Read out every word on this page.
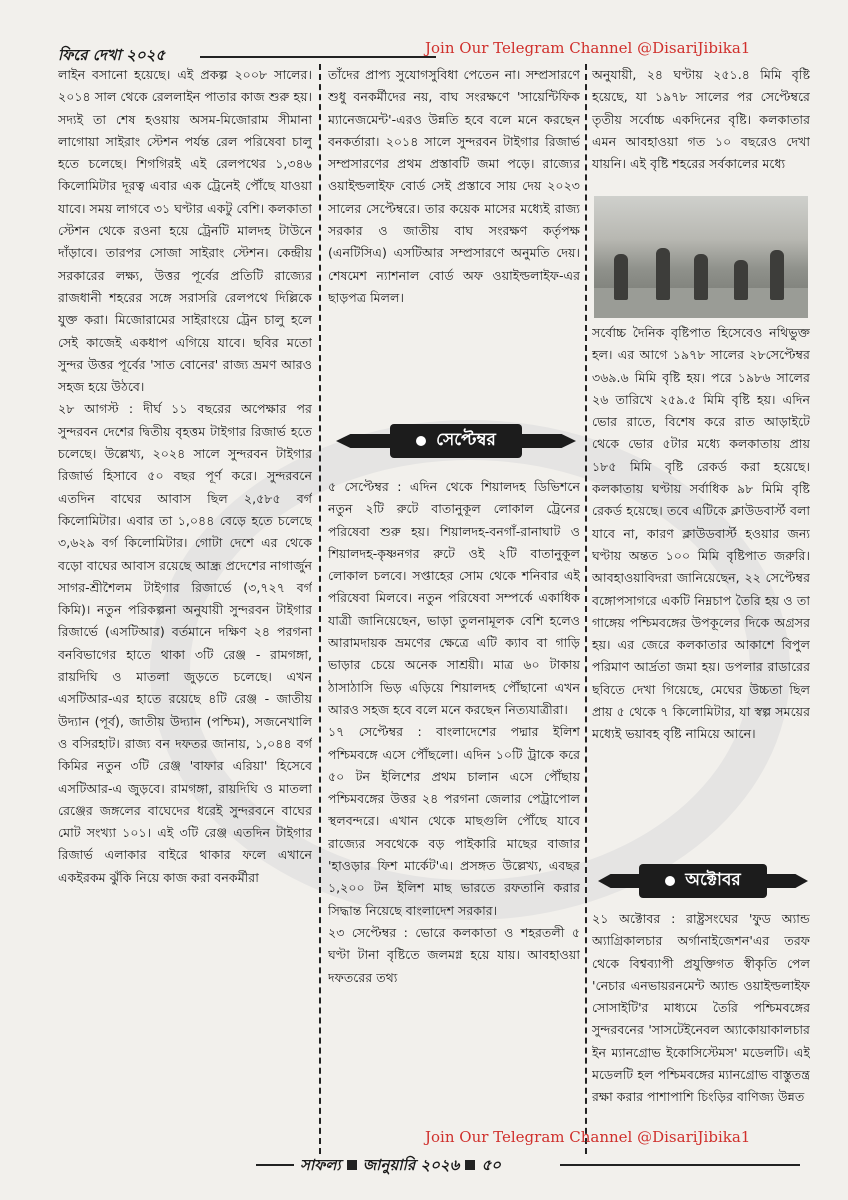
ফিরে দেখা ২০২৫	Join Our Telegram Channel @DisariJibika1

লাইন বসানো হয়েছে। এই প্রকল্প ২০০৮ সালের। ২০১৪ সাল থেকে রেললাইন পাতার কাজ শুরু হয়। সদ্যই তা শেষ হওয়ায় অসম-মিজোরাম সীমানা লাগোয়া সাইরাং স্টেশন পর্যন্ত রেল পরিষেবা চালু হতে চলেছে। শিগগিরই এই রেলপথের ১,৩৪৬ কিলোমিটার দূরত্ব এবার এক ট্রেনেই পৌঁছে যাওয়া যাবে। সময় লাগবে ৩১ ঘণ্টার একটু বেশি। কলকাতা স্টেশন থেকে রওনা হয়ে ট্রেনটি মালদহ টাউনে দাঁড়াবে। তারপর সোজা সাইরাং স্টেশন। কেন্দ্রীয় সরকারের লক্ষ্য, উত্তর পূর্বের প্রতিটি রাজ্যের রাজধানী শহরের সঙ্গে সরাসরি রেলপথে দিল্লিকে যুক্ত করা। মিজোরামের সাইরাংয়ে ট্রেন চালু হলে সেই কাজেই একধাপ এগিয়ে যাবে। ছবির মতো সুন্দর উত্তর পূর্বের 'সাত বোনের' রাজ্য ভ্রমণ আরও সহজ হয়ে উঠবে।

২৮ আগস্ট : দীর্ঘ ১১ বছরের অপেক্ষার পর সুন্দরবন দেশের দ্বিতীয় বৃহত্তম টাইগার রিজার্ভ হতে চলেছে। উল্লেখ্য, ২০২৪ সালে সুন্দরবন টাইগার রিজার্ভ হিসাবে ৫০ বছর পূর্ণ করে। সুন্দরবনে এতদিন বাঘের আবাস ছিল ২,৫৮৫ বর্গ কিলোমিটার। এবার তা ১,০৪৪ বেড়ে হতে চলেছে ৩,৬২৯ বর্গ কিলোমিটার। গোটা দেশে এর থেকে বড়ো বাঘের আবাস রয়েছে আন্ধ্র প্রদেশের নাগার্জুন সাগর-শ্রীশৈলম টাইগার রিজার্ভে (৩,৭২৭ বর্গ কিমি)। নতুন পরিকল্পনা অনুযায়ী সুন্দরবন টাইগার রিজার্ভে (এসটিআর) বর্তমানে দক্ষিণ ২৪ পরগনা বনবিভাগের হাতে থাকা ৩টি রেঞ্জ - রামগঙ্গা, রায়দিঘি ও মাতলা জুড়তে চলেছে। এখন এসটিআর-এর হাতে রয়েছে ৪টি রেঞ্জ - জাতীয় উদ্যান (পূর্ব), জাতীয় উদ্যান (পশ্চিম), সজনেখালি ও বসিরহাট। রাজ্য বন দফতর জানায়, ১,০৪৪ বর্গ কিমির নতুন ৩টি রেঞ্জ 'বাফার এরিয়া' হিসেবে এসটিআর-এ জুড়বে। রামগঙ্গা, রায়দিঘি ও মাতলা রেঞ্জের জঙ্গলের বাঘেদের ধরেই সুন্দরবনে বাঘের মোট সংখ্যা ১০১। এই ৩টি রেঞ্জ এতদিন টাইগার রিজার্ভ এলাকার বাইরে থাকার ফলে এখানে একইরকম ঝুঁকি নিয়ে কাজ করা বনকর্মীরা

তাঁদের প্রাপ্য সুযোগসুবিধা পেতেন না। সম্প্রসারণে শুধু বনকর্মীদের নয়, বাঘ সংরক্ষণে 'সায়েন্টিফিক ম্যানেজমেন্ট'-এরও উন্নতি হবে বলে মনে করছেন বনকর্তারা। ২০১৪ সালে সুন্দরবন টাইগার রিজার্ভ সম্প্রসারণের প্রথম প্রস্তাবটি জমা পড়ে। রাজ্যের ওয়াইল্ডলাইফ বোর্ড সেই প্রস্তাবে সায় দেয় ২০২৩ সালের সেপ্টেম্বরে। তার কয়েক মাসের মধ্যেই রাজ্য সরকার ও জাতীয় বাঘ সংরক্ষণ কর্তৃপক্ষ (এনটিসিএ) এসটিআর সম্প্রসারণে অনুমতি দেয়। শেষমেশ ন্যাশনাল বোর্ড অফ ওয়াইল্ডলাইফ-এর ছাড়পত্র মিলল।

সেপ্টেম্বর

৫ সেপ্টেম্বর : এদিন থেকে শিয়ালদহ ডিভিশনে নতুন ২টি রুটে বাতানুকূল লোকাল ট্রেনের পরিষেবা শুরু হয়। শিয়ালদহ-বনগাঁ-রানাঘাট ও শিয়ালদহ-কৃষ্ণনগর রুটে ওই ২টি বাতানুকূল লোকাল চলবে। সপ্তাহের সোম থেকে শনিবার এই পরিষেবা মিলবে। নতুন পরিষেবা সম্পর্কে একাধিক যাত্রী জানিয়েছেন, ভাড়া তুলনামূলক বেশি হলেও আরামদায়ক ভ্রমণের ক্ষেত্রে এটি ক্যাব বা গাড়ি ভাড়ার চেয়ে অনেক সাশ্রয়ী। মাত্র ৬০ টাকায় ঠাসাঠাসি ভিড় এড়িয়ে শিয়ালদহ পৌঁছানো এখন আরও সহজ হবে বলে মনে করছেন নিত্যযাত্রীরা।

১৭ সেপ্টেম্বর : বাংলাদেশের পদ্মার ইলিশ পশ্চিমবঙ্গে এসে পৌঁছলো। এদিন ১০টি ট্রাকে করে ৫০ টন ইলিশের প্রথম চালান এসে পৌঁছায় পশ্চিমবঙ্গের উত্তর ২৪ পরগনা জেলার পেট্রাপোল স্থলবন্দরে। এখান থেকে মাছগুলি পৌঁছে যাবে রাজ্যের সবথেকে বড় পাইকারি মাছের বাজার 'হাওড়ার ফিশ মার্কেট'এ। প্রসঙ্গত উল্লেখ্য, এবছর ১,২০০ টন ইলিশ মাছ ভারতে রফতানি করার সিদ্ধান্ত নিয়েছে বাংলাদেশ সরকার।

২৩ সেপ্টেম্বর : ভোরে কলকাতা ও শহরতলী ৫ ঘণ্টা টানা বৃষ্টিতে জলমগ্ন হয়ে যায়। আবহাওয়া দফতরের তথ্য

অনুযায়ী, ২৪ ঘণ্টায় ২৫১.৪ মিমি বৃষ্টি হয়েছে, যা ১৯৭৮ সালের পর সেপ্টেম্বরে তৃতীয় সর্বোচ্চ একদিনের বৃষ্টি। কলকাতার এমন আবহাওয়া গত ১০ বছরেও দেখা যায়নি। এই বৃষ্টি শহরের সর্বকালের মধ্যে

সর্বোচ্চ দৈনিক বৃষ্টিপাত হিসেবেও নথিভুক্ত হল। এর আগে ১৯৭৮ সালের ২৮সেপ্টেম্বর ৩৬৯.৬ মিমি বৃষ্টি হয়। পরে ১৯৮৬ সালের ২৬ তারিখে ২৫৯.৫ মিমি বৃষ্টি হয়। এদিন ভোর রাতে, বিশেষ করে রাত আড়াইটে থেকে ভোর ৫টার মধ্যে কলকাতায় প্রায় ১৮৫ মিমি বৃষ্টি রেকর্ড করা হয়েছে। কলকাতায় ঘণ্টায় সর্বাধিক ৯৮ মিমি বৃষ্টি রেকর্ড হয়েছে। তবে এটিকে ক্লাউডবার্স্ট বলা যাবে না, কারণ ক্লাউডবার্স্ট হওয়ার জন্য ঘণ্টায় অন্তত ১০০ মিমি বৃষ্টিপাত জরুরি। আবহাওয়াবিদরা জানিয়েছেন, ২২ সেপ্টেম্বর বঙ্গোপসাগরে একটি নিম্নচাপ তৈরি হয় ও তা গাঙ্গেয় পশ্চিমবঙ্গের উপকূলের দিকে অগ্রসর হয়। এর জেরে কলকাতার আকাশে বিপুল পরিমাণ আর্দ্রতা জমা হয়। ডপলার রাডারের ছবিতে দেখা গিয়েছে, মেঘের উচ্চতা ছিল প্রায় ৫ থেকে ৭ কিলোমিটার, যা স্বল্প সময়ের মধ্যেই ভয়াবহ বৃষ্টি নামিয়ে আনে।

অক্টোবর

২১ অক্টোবর : রাষ্ট্রসংঘের 'ফুড অ্যান্ড অ্যাগ্রিকালচার অর্গানাইজেশন'এর তরফ থেকে বিশ্বব্যাপী প্রযুক্তিগত স্বীকৃতি পেল 'নেচার এনভায়রনমেন্ট অ্যান্ড ওয়াইল্ডলাইফ সোসাইটি'র মাধ্যমে তৈরি পশ্চিমবঙ্গের সুন্দরবনের 'সাসটেইনেবল অ্যাকোয়াকালচার ইন ম্যানগ্রোভ ইকোসিস্টেমস' মডেলটি। এই মডেলটি হল পশ্চিমবঙ্গের ম্যানগ্রোভ বাস্তুতন্ত্র রক্ষা করার পাশাপাশি চিংড়ির বাণিজ্য উন্নত

Join Our Telegram Channel @DisariJibika1
সাফল্য জানুয়ারি ২০২৬ ৫০
